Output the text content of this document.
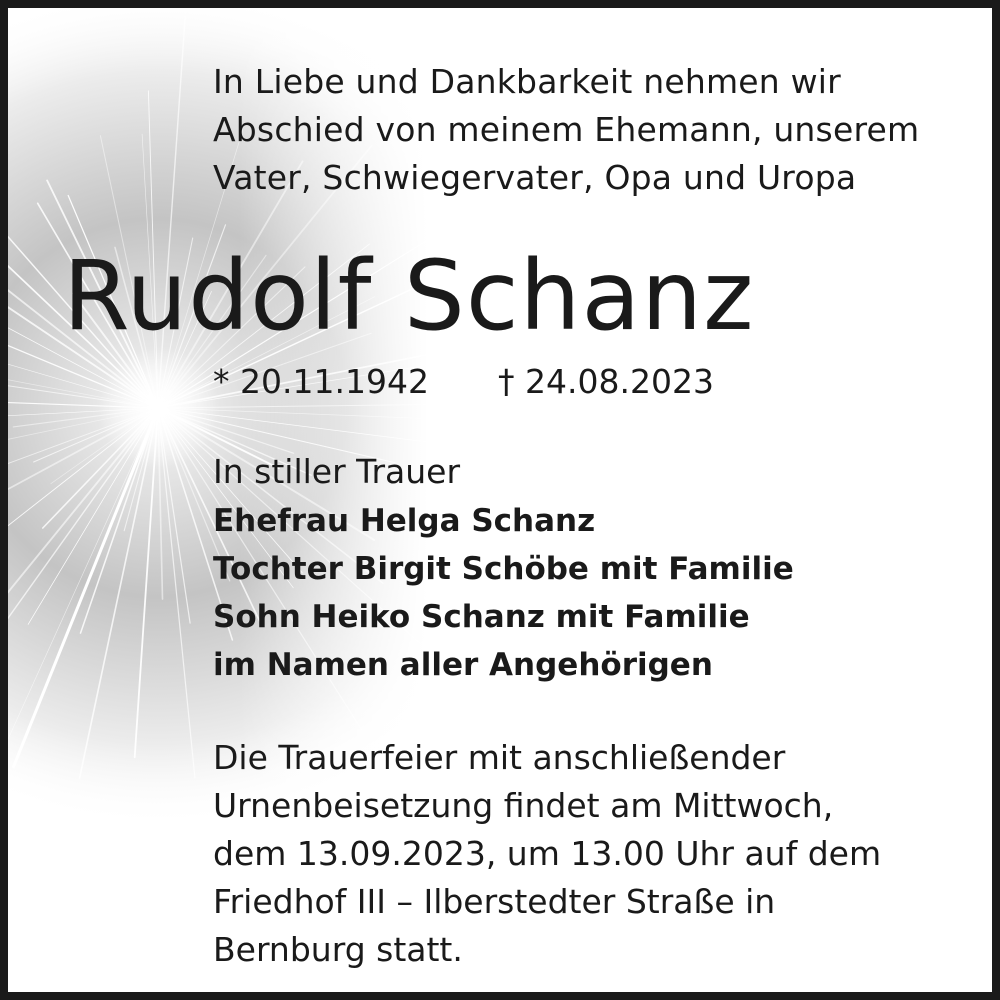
In Liebe und Dankbarkeit nehmen wir
Abschied von meinem Ehemann, unserem
Vater, Schwiegervater, Opa und Uropa
Rudolf Schanz
* 20.11.1942 † 24.08.2023
In stiller Trauer
Ehefrau Helga Schanz
Tochter Birgit Schöbe mit Familie
Sohn Heiko Schanz mit Familie
im Namen aller Angehörigen
Die Trauerfeier mit anschließender
Urnenbeisetzung findet am Mittwoch,
dem 13.09.2023, um 13.00 Uhr auf dem
Friedhof III – Ilberstedter Straße in
Bernburg statt.
